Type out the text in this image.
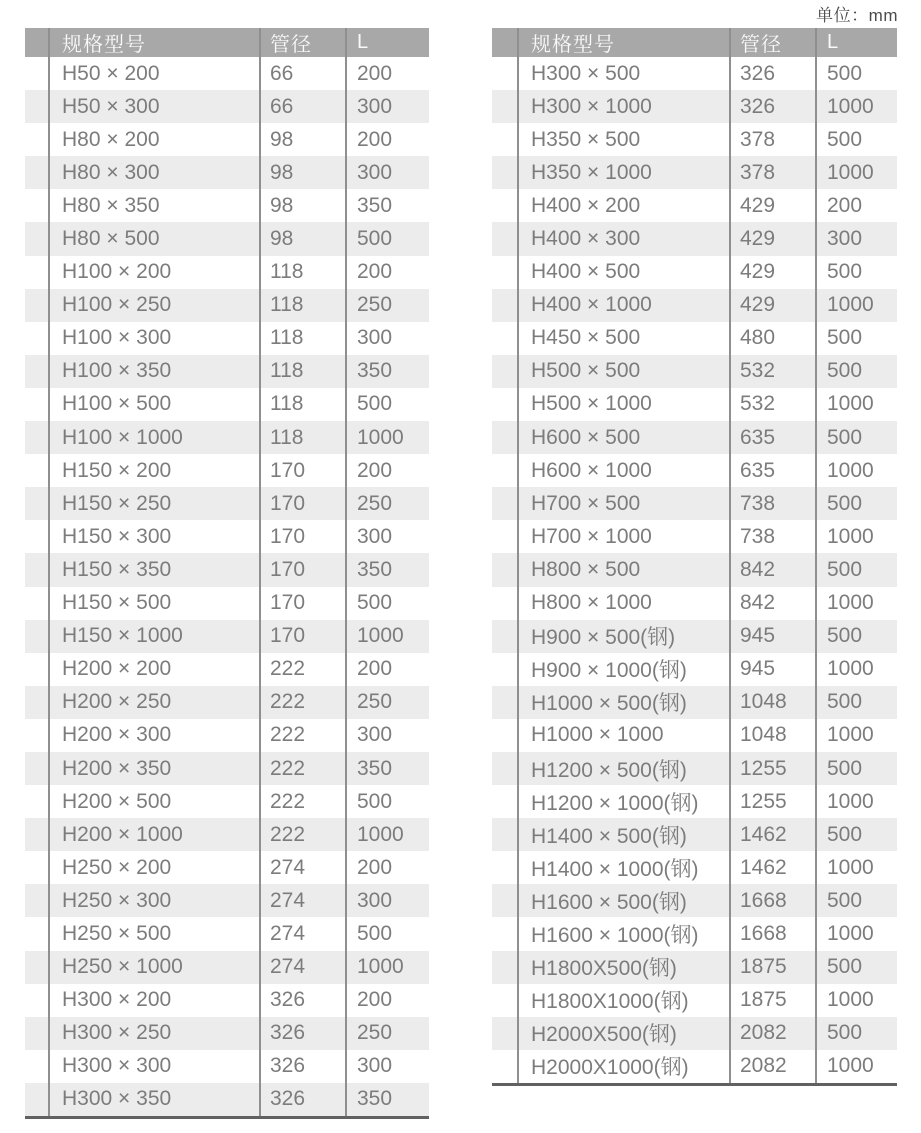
单位：mm
规格型号	管径	L
H50 × 200	66	200
H50 × 300	66	300
H80 × 200	98	200
H80 × 300	98	300
H80 × 350	98	350
H80 × 500	98	500
H100 × 200	118	200
H100 × 250	118	250
H100 × 300	118	300
H100 × 350	118	350
H100 × 500	118	500
H100 × 1000	118	1000
H150 × 200	170	200
H150 × 250	170	250
H150 × 300	170	300
H150 × 350	170	350
H150 × 500	170	500
H150 × 1000	170	1000
H200 × 200	222	200
H200 × 250	222	250
H200 × 300	222	300
H200 × 350	222	350
H200 × 500	222	500
H200 × 1000	222	1000
H250 × 200	274	200
H250 × 300	274	300
H250 × 500	274	500
H250 × 1000	274	1000
H300 × 200	326	200
H300 × 250	326	250
H300 × 300	326	300
H300 × 350	326	350
规格型号	管径	L
H300 × 500	326	500
H300 × 1000	326	1000
H350 × 500	378	500
H350 × 1000	378	1000
H400 × 200	429	200
H400 × 300	429	300
H400 × 500	429	500
H400 × 1000	429	1000
H450 × 500	480	500
H500 × 500	532	500
H500 × 1000	532	1000
H600 × 500	635	500
H600 × 1000	635	1000
H700 × 500	738	500
H700 × 1000	738	1000
H800 × 500	842	500
H800 × 1000	842	1000
H900 × 500(钢)	945	500
H900 × 1000(钢)	945	1000
H1000 × 500(钢)	1048	500
H1000 × 1000	1048	1000
H1200 × 500(钢)	1255	500
H1200 × 1000(钢)	1255	1000
H1400 × 500(钢)	1462	500
H1400 × 1000(钢)	1462	1000
H1600 × 500(钢)	1668	500
H1600 × 1000(钢)	1668	1000
H1800X500(钢)	1875	500
H1800X1000(钢)	1875	1000
H2000X500(钢)	2082	500
H2000X1000(钢)	2082	1000
